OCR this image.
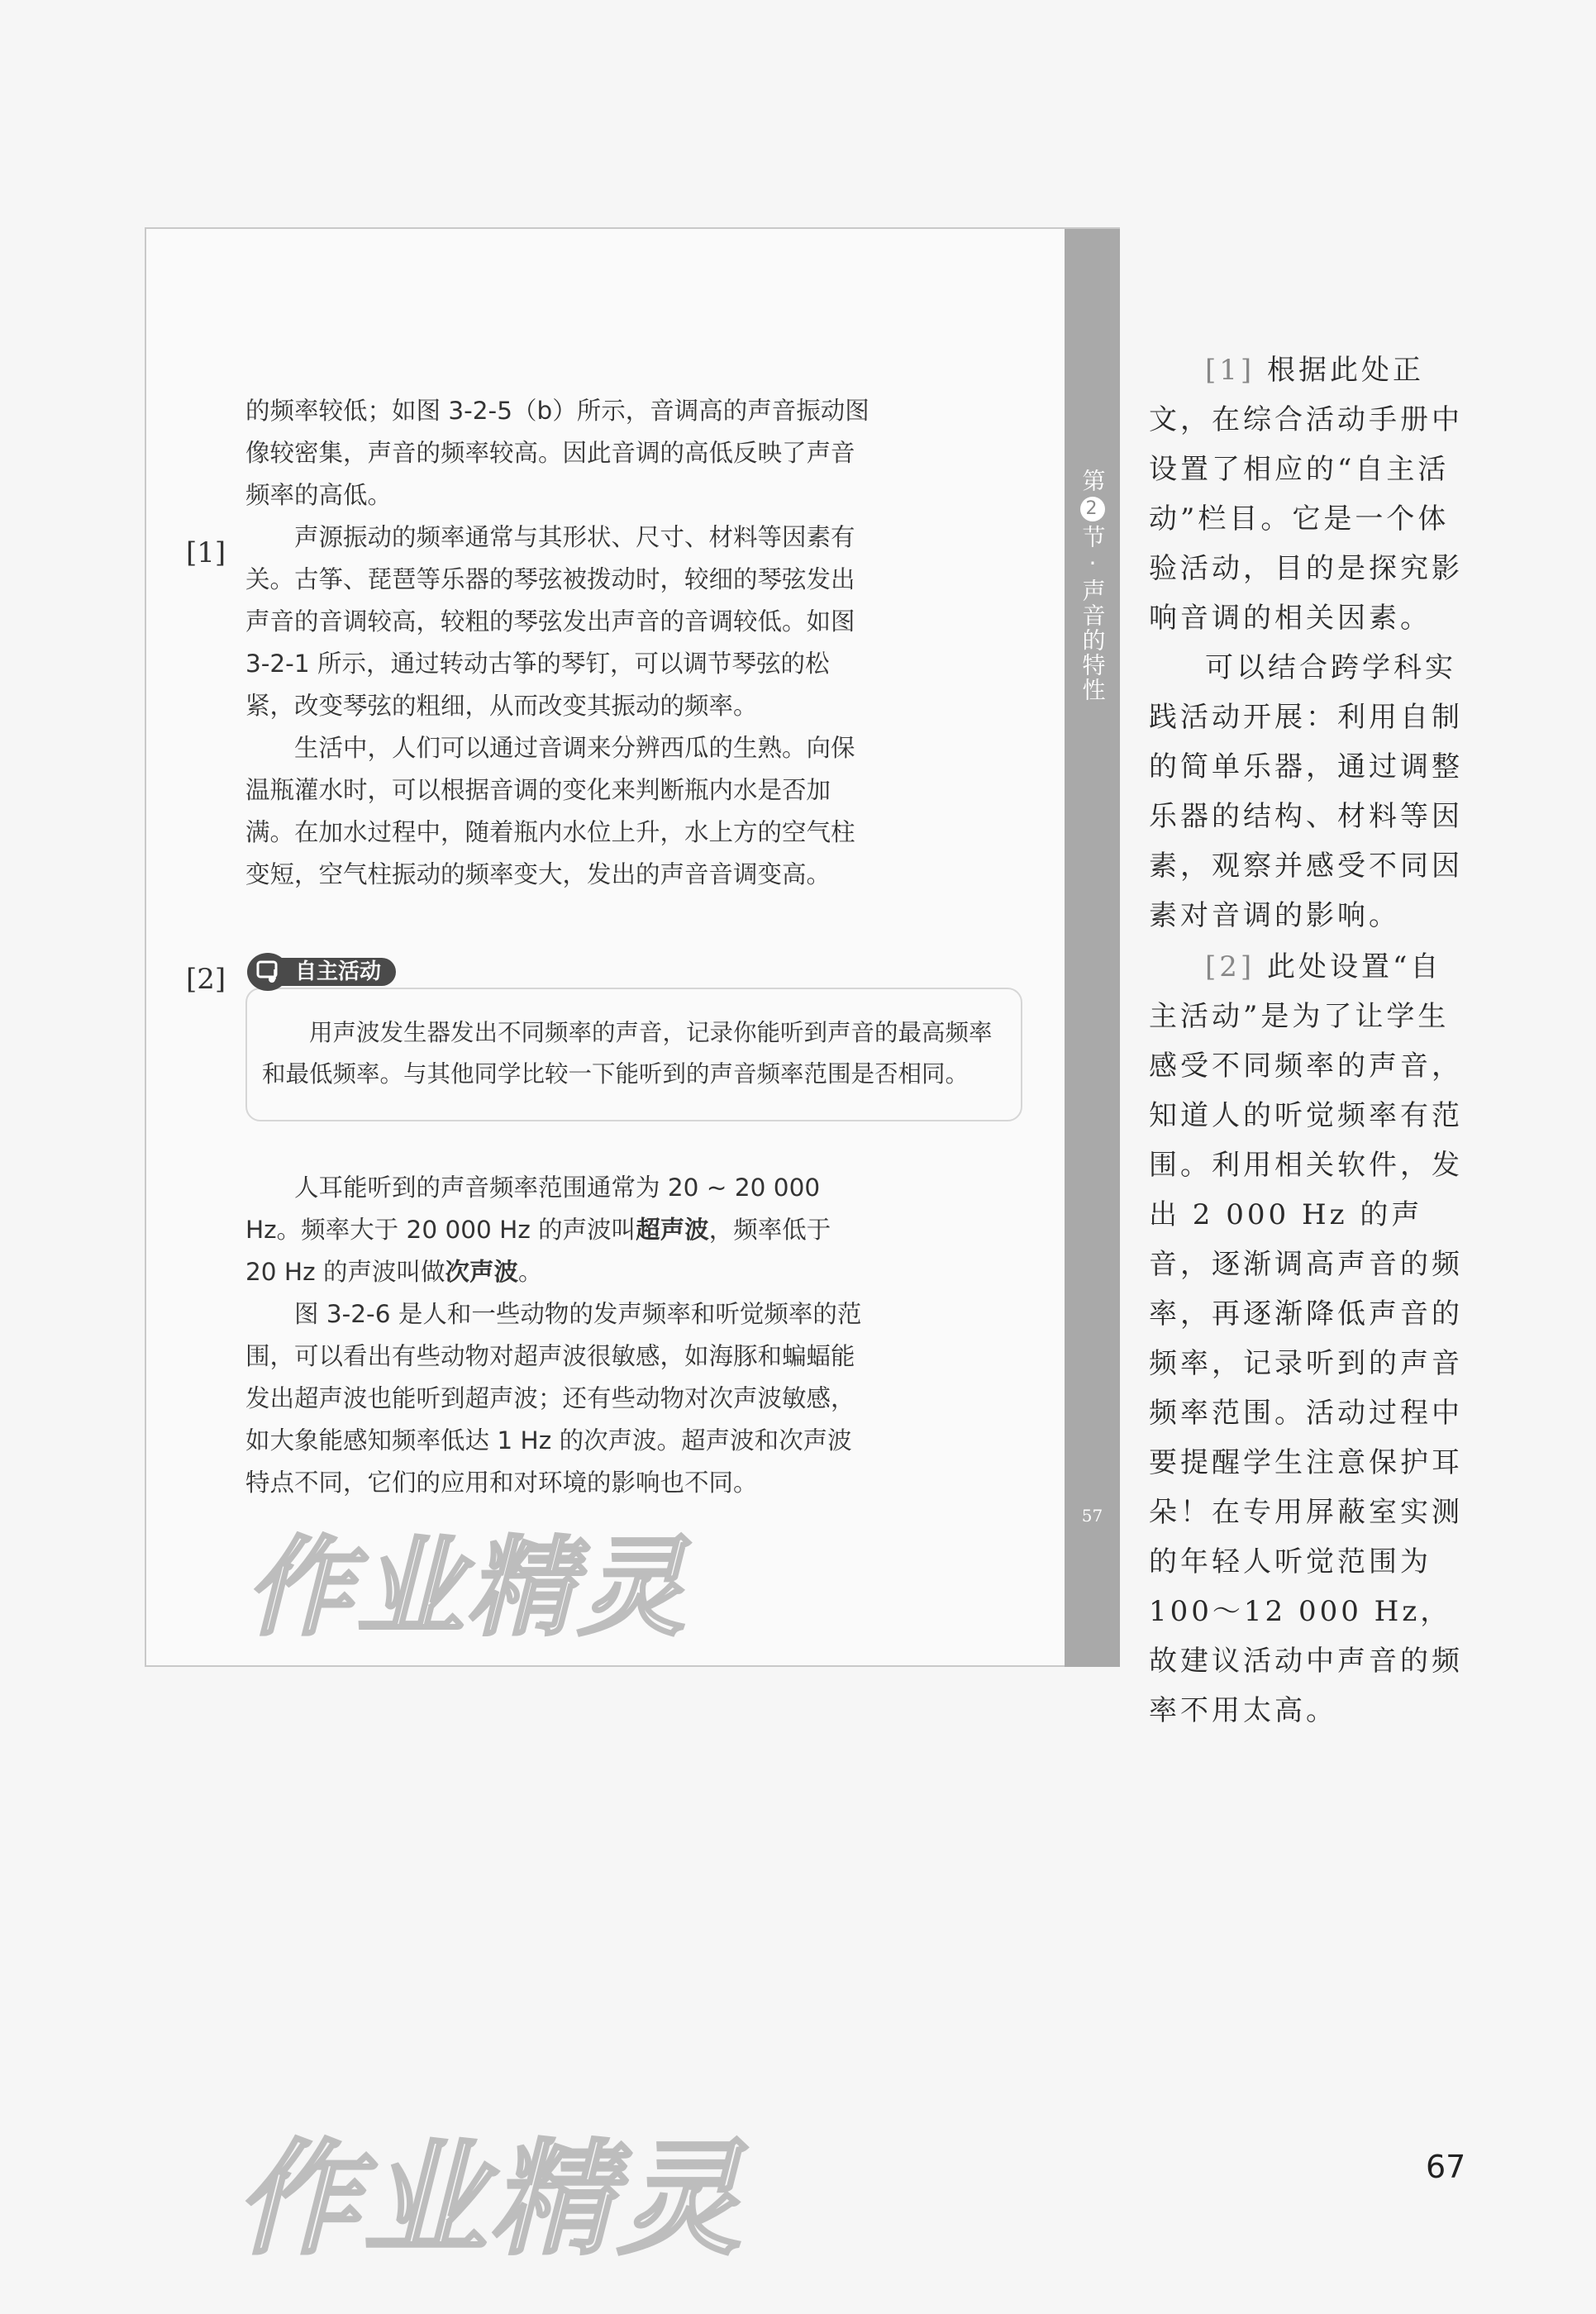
第
2
节·声音的特性
57

的频率较低；如图 3-2-5（b）所示，音调高的声音振动图像较密集，声音的频率较高。因此音调的高低反映了声音频率的高低。

声源振动的频率通常与其形状、尺寸、材料等因素有关。古筝、琵琶等乐器的琴弦被拨动时，较细的琴弦发出声音的音调较高，较粗的琴弦发出声音的音调较低。如图 3-2-1 所示，通过转动古筝的琴钉，可以调节琴弦的松紧，改变琴弦的粗细，从而改变其振动的频率。

生活中，人们可以通过音调来分辨西瓜的生熟。向保温瓶灌水时，可以根据音调的变化来判断瓶内水是否加满。在加水过程中，随着瓶内水位上升，水上方的空气柱变短，空气柱振动的频率变大，发出的声音音调变高。

[1]
[2]	自主活动

用声波发生器发出不同频率的声音，记录你能听到声音的最高频率和最低频率。与其他同学比较一下能听到的声音频率范围是否相同。

人耳能听到的声音频率范围通常为 20 ~ 20 000 Hz。频率大于 20 000 Hz 的声波叫超声波，频率低于 20 Hz 的声波叫做次声波。

图 3-2-6 是人和一些动物的发声频率和听觉频率的范围，可以看出有些动物对超声波很敏感，如海豚和蝙蝠能发出超声波也能听到超声波；还有些动物对次声波敏感，如大象能感知频率低达 1 Hz 的次声波。超声波和次声波特点不同，它们的应用和对环境的影响也不同。

作业精灵

[1] 根据此处正文，在综合活动手册中设置了相应的“自主活动”栏目。它是一个体验活动，目的是探究影响音调的相关因素。

可以结合跨学科实践活动开展：利用自制的简单乐器，通过调整乐器的结构、材料等因素，观察并感受不同因素对音调的影响。

[2] 此处设置“自主活动”是为了让学生感受不同频率的声音，知道人的听觉频率有范围。利用相关软件，发出 2 000 Hz 的声音，逐渐调高声音的频率，再逐渐降低声音的频率，记录听到的声音频率范围。活动过程中要提醒学生注意保护耳朵！在专用屏蔽室实测的年轻人听觉范围为 100～12 000 Hz，故建议活动中声音的频率不用太高。

作业精灵	67
